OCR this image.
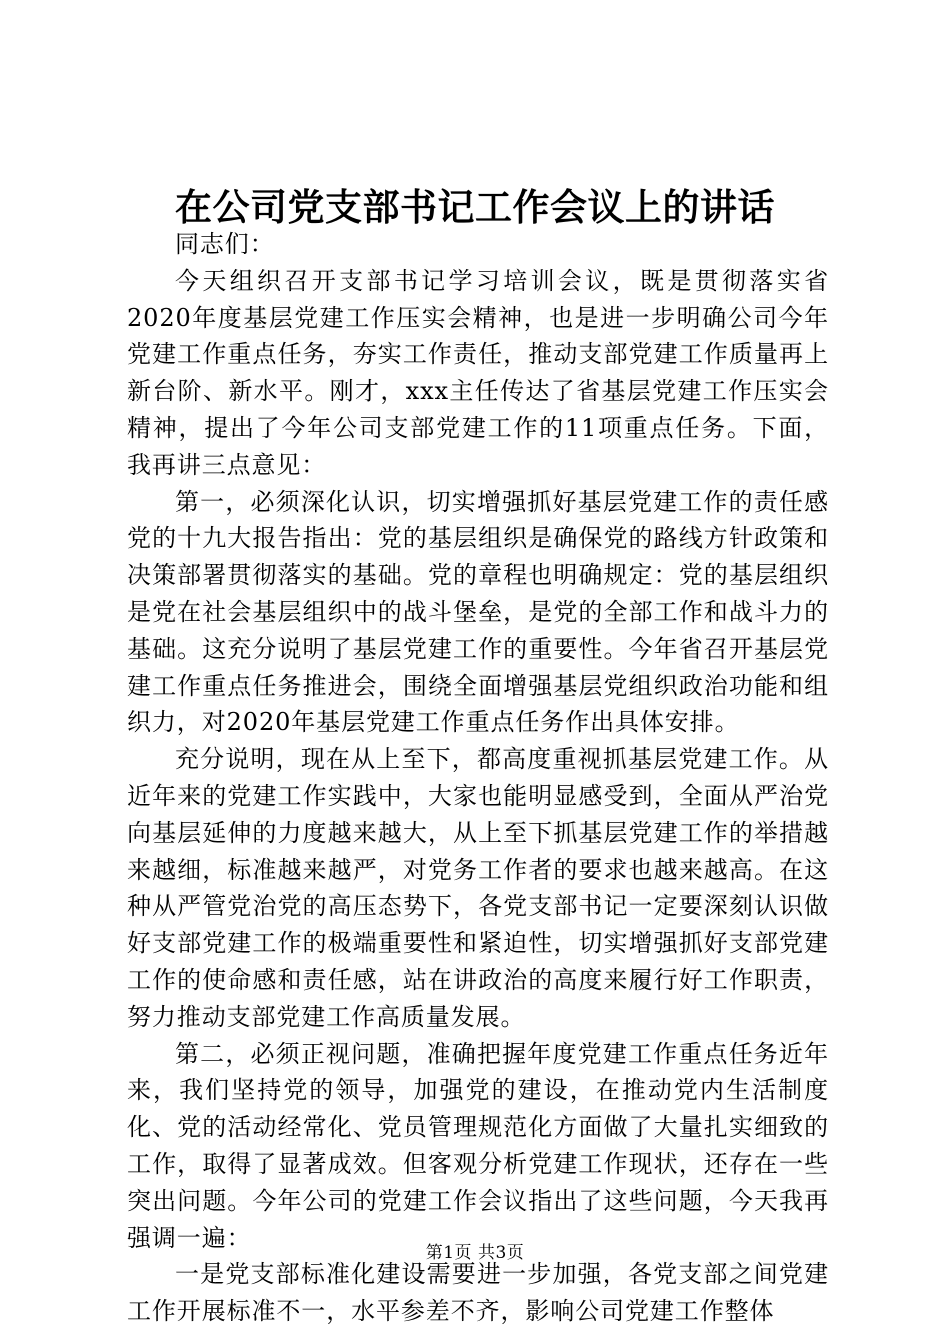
在公司党支部书记工作会议上的讲话

同志们：

今天组织召开支部书记学习培训会议，既是贯彻落实省2020年度基层党建工作压实会精神，也是进一步明确公司今年党建工作重点任务，夯实工作责任，推动支部党建工作质量再上新台阶、新水平。刚才，xxx主任传达了省基层党建工作压实会精神，提出了今年公司支部党建工作的11项重点任务。下面，我再讲三点意见：

第一，必须深化认识，切实增强抓好基层党建工作的责任感党的十九大报告指出：党的基层组织是确保党的路线方针政策和决策部署贯彻落实的基础。党的章程也明确规定：党的基层组织是党在社会基层组织中的战斗堡垒，是党的全部工作和战斗力的基础。这充分说明了基层党建工作的重要性。今年省召开基层党建工作重点任务推进会，围绕全面增强基层党组织政治功能和组织力，对2020年基层党建工作重点任务作出具体安排。

充分说明，现在从上至下，都高度重视抓基层党建工作。从近年来的党建工作实践中，大家也能明显感受到，全面从严治党向基层延伸的力度越来越大，从上至下抓基层党建工作的举措越来越细，标准越来越严，对党务工作者的要求也越来越高。在这种从严管党治党的高压态势下，各党支部书记一定要深刻认识做好支部党建工作的极端重要性和紧迫性，切实增强抓好支部党建工作的使命感和责任感，站在讲政治的高度来履行好工作职责，努力推动支部党建工作高质量发展。

第二，必须正视问题，准确把握年度党建工作重点任务近年来，我们坚持党的领导，加强党的建设，在推动党内生活制度化、党的活动经常化、党员管理规范化方面做了大量扎实细致的工作，取得了显著成效。但客观分析党建工作现状，还存在一些突出问题。今年公司的党建工作会议指出了这些问题，今天我再强调一遍：

一是党支部标准化建设需要进一步加强，各党支部之间党建工作开展标准不一，水平参差不齐，影响公司党建工作整体

第1页 共3页
